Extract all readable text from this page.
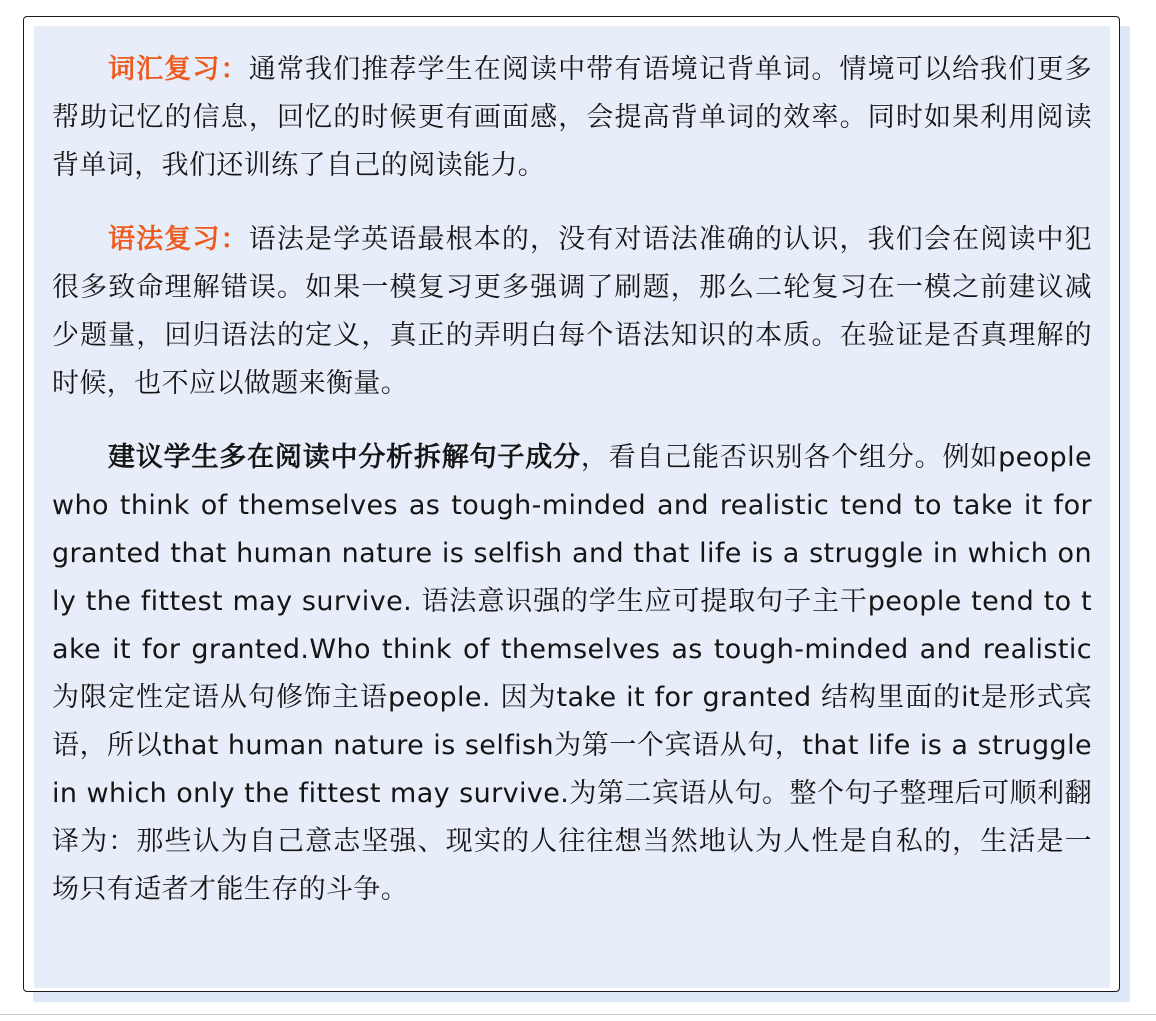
词汇复习：通常我们推荐学生在阅读中带有语境记背单词。情境可以给我们更多帮助记忆的信息，回忆的时候更有画面感，会提高背单词的效率。同时如果利用阅读背单词，我们还训练了自己的阅读能力。

语法复习：语法是学英语最根本的，没有对语法准确的认识，我们会在阅读中犯很多致命理解错误。如果一模复习更多强调了刷题，那么二轮复习在一模之前建议减少题量，回归语法的定义，真正的弄明白每个语法知识的本质。在验证是否真理解的时候，也不应以做题来衡量。

建议学生多在阅读中分析拆解句子成分，看自己能否识别各个组分。例如people who think of themselves as tough-minded and realistic tend to take it for granted that human nature is selfish and that life is a struggle in which only the fittest may survive. 语法意识强的学生应可提取句子主干people tend to take it for granted.Who think of themselves as tough-minded and realistic为限定性定语从句修饰主语people. 因为take it for granted 结构里面的it是形式宾语，所以that human nature is selfish为第一个宾语从句，that life is a struggle in which only the fittest may survive.为第二宾语从句。整个句子整理后可顺利翻译为：那些认为自己意志坚强、现实的人往往想当然地认为人性是自私的，生活是一场只有适者才能生存的斗争。
